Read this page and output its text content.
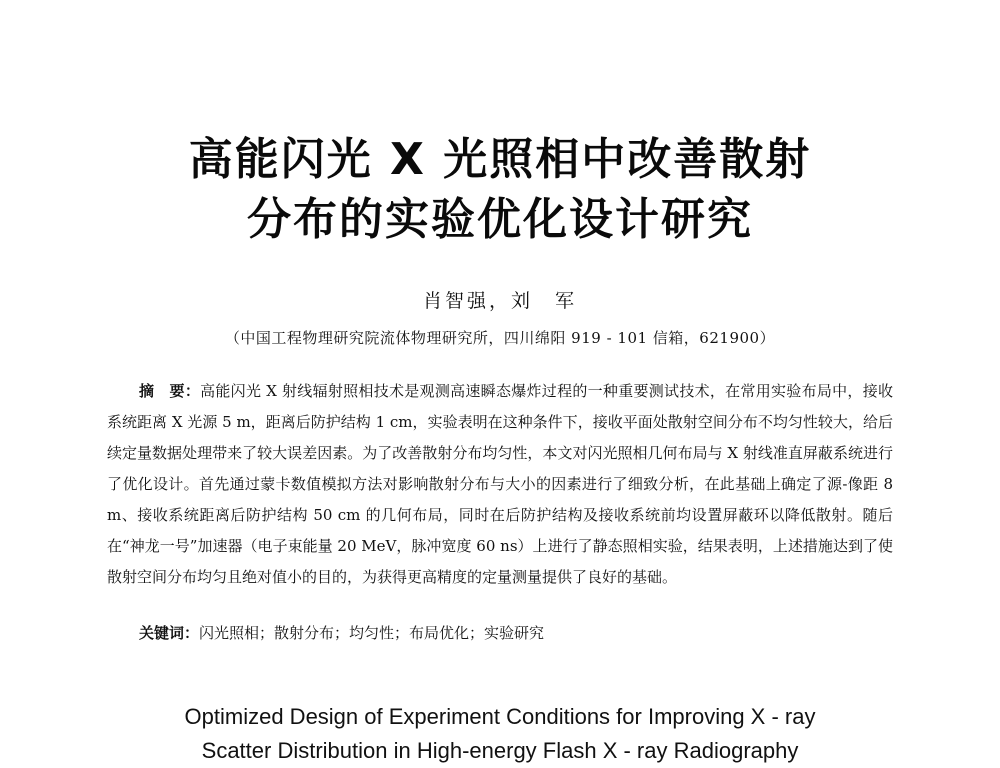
高能闪光 X 光照相中改善散射
分布的实验优化设计研究
肖智强，刘　军
（中国工程物理研究院流体物理研究所，四川绵阳 919 - 101 信箱，621900）
摘　要：高能闪光 X 射线辐射照相技术是观测高速瞬态爆炸过程的一种重要测试技术，在常用实验布局中，接收系统距离 X 光源 5 m，距离后防护结构 1 cm，实验表明在这种条件下，接收平面处散射空间分布不均匀性较大，给后续定量数据处理带来了较大误差因素。为了改善散射分布均匀性，本文对闪光照相几何布局与 X 射线准直屏蔽系统进行了优化设计。首先通过蒙卡数值模拟方法对影响散射分布与大小的因素进行了细致分析，在此基础上确定了源-像距 8 m、接收系统距离后防护结构 50 cm 的几何布局，同时在后防护结构及接收系统前均设置屏蔽环以降低散射。随后在“神龙一号”加速器（电子束能量 20 MeV，脉冲宽度 60 ns）上进行了静态照相实验，结果表明，上述措施达到了使散射空间分布均匀且绝对值小的目的，为获得更高精度的定量测量提供了良好的基础。
关键词：闪光照相；散射分布；均匀性；布局优化；实验研究
Optimized Design of Experiment Conditions for Improving X - ray
Scatter Distribution in High-energy Flash X - ray Radiography
